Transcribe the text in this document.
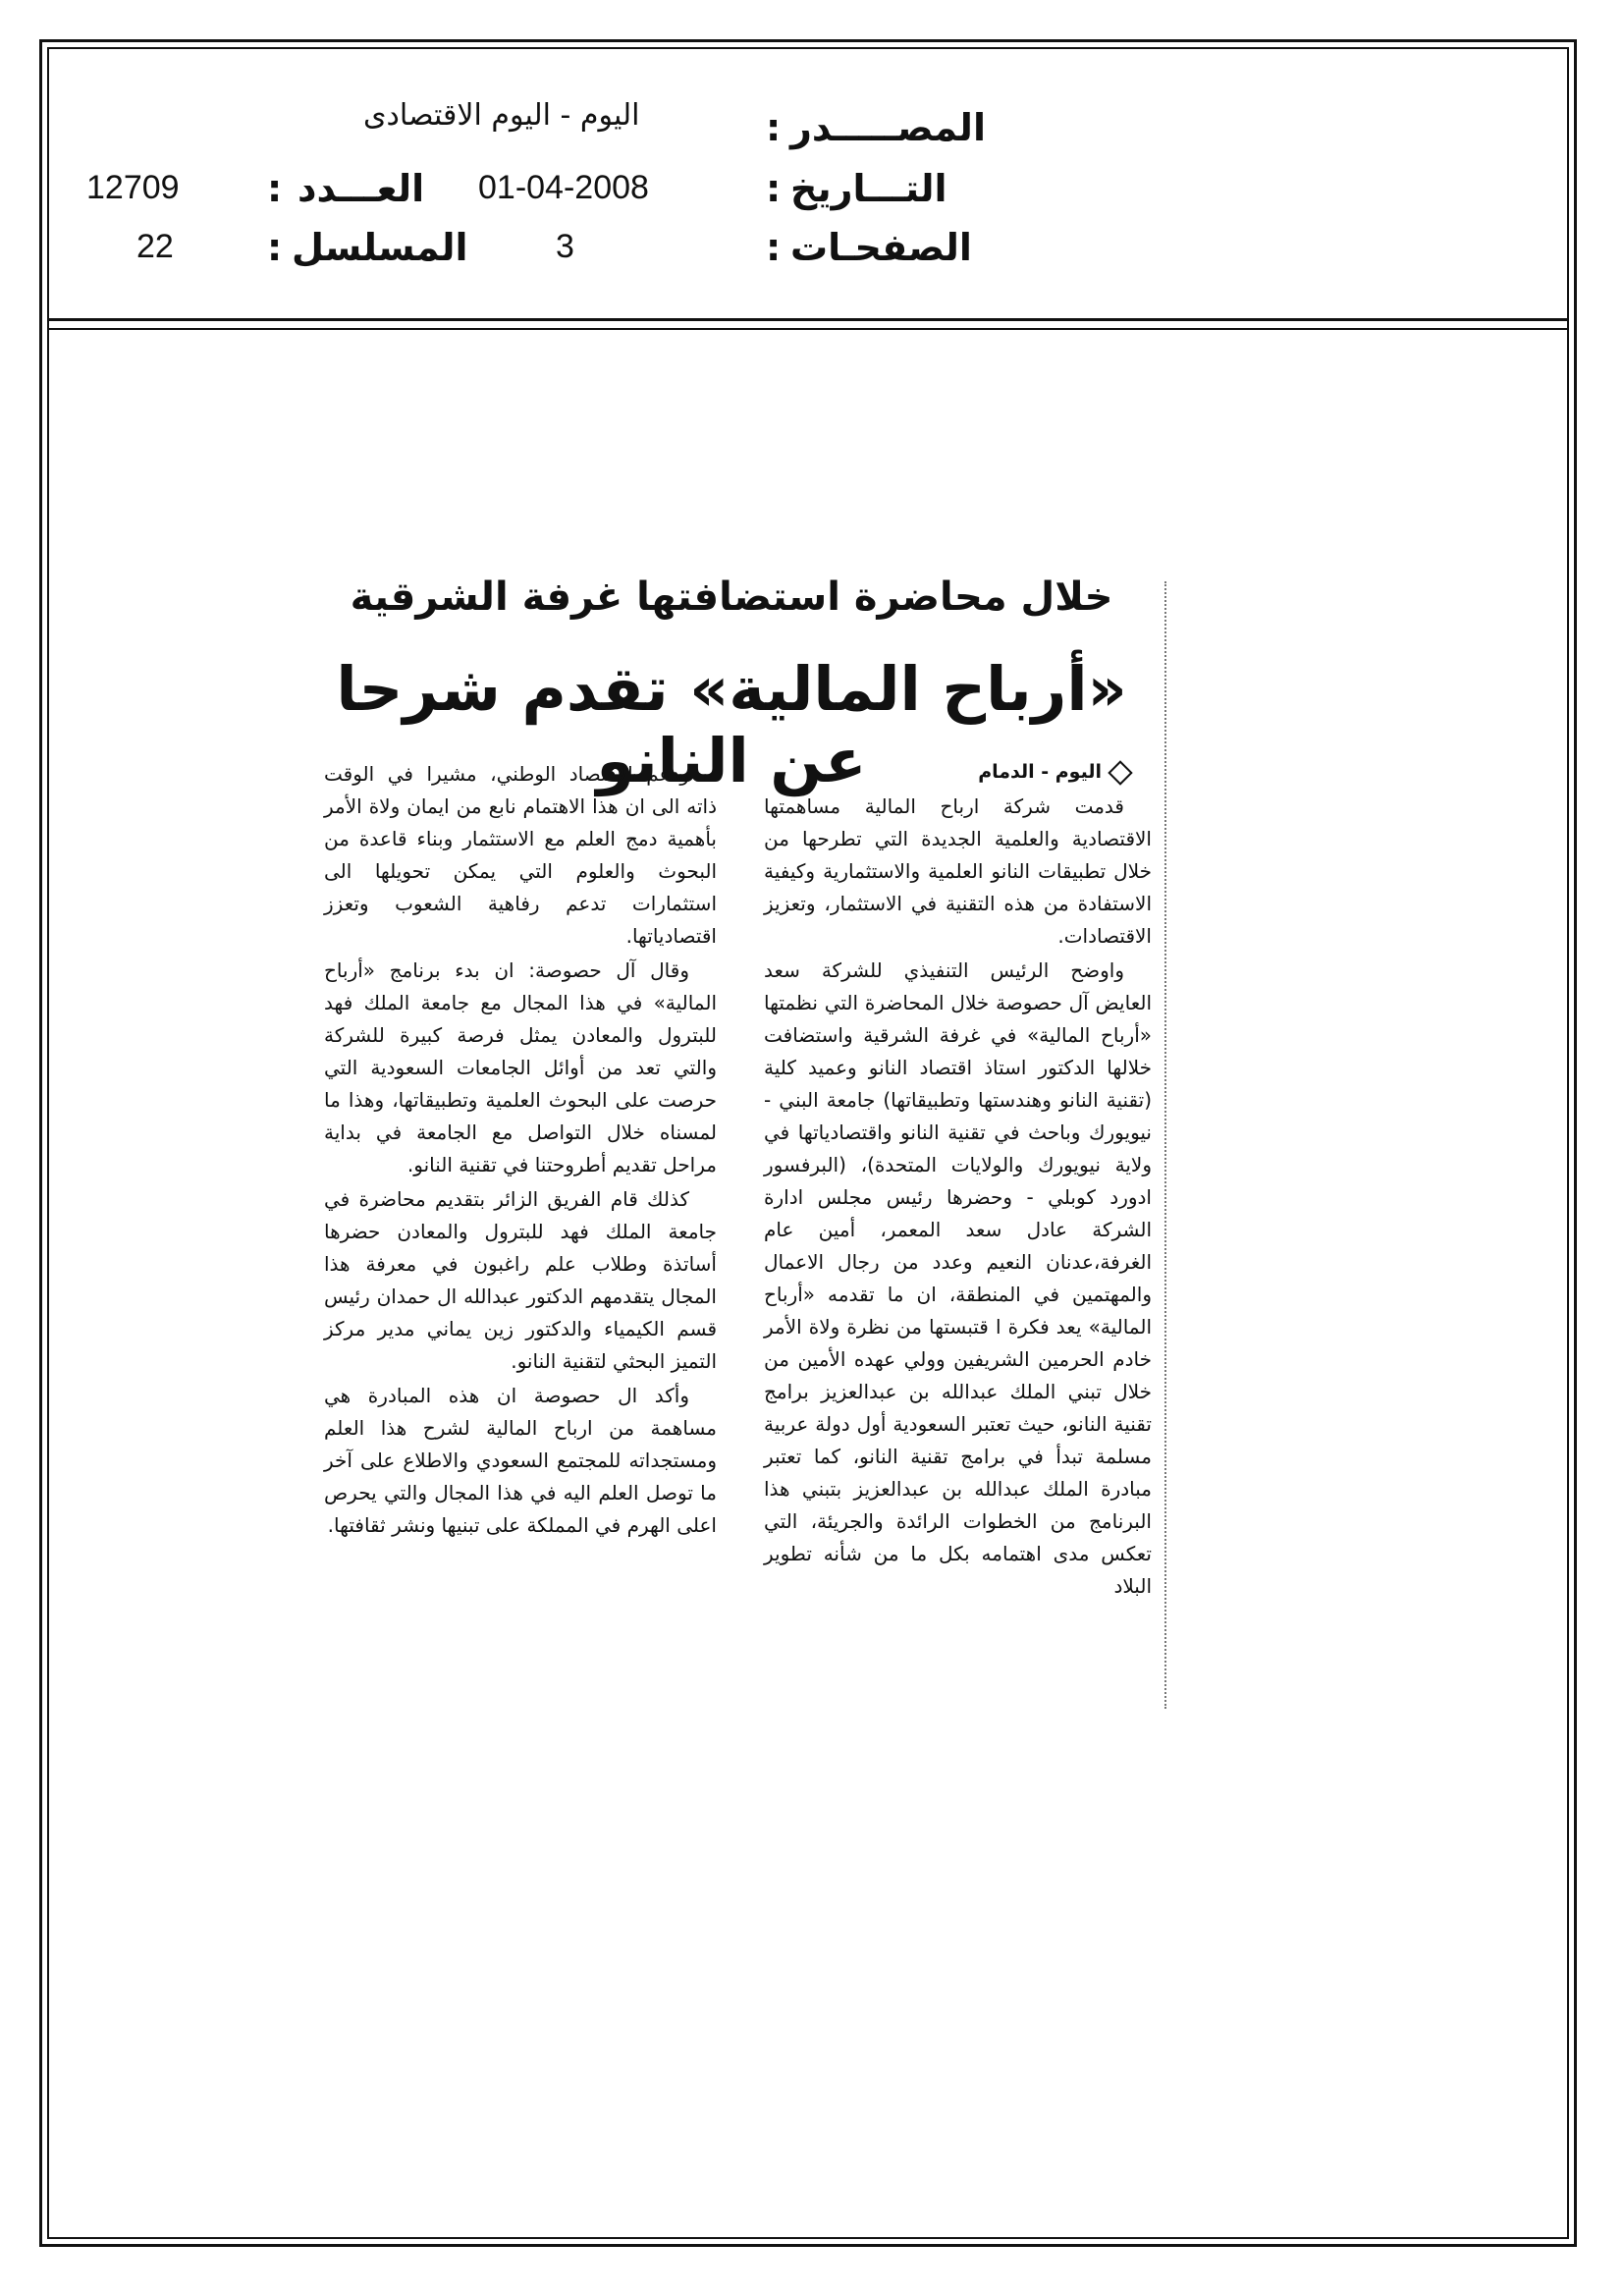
المصـــــدر
:
اليوم - اليوم الاقتصادى
التـــاريخ
:
01-04-2008
العـــدد
:
12709
الصفحـات
:
3
المسلسل
:
22
خلال محاضرة استضافتها غرفة الشرقية
«أرباح المالية» تقدم شرحا عن النانو	اليوم - الدمام

قدمت شركة ارباح المالية مساهمتها الاقتصادية والعلمية الجديدة التي تطرحها من خلال تطبيقات النانو العلمية والاستثمارية وكيفية الاستفادة من هذه التقنية في الاستثمار، وتعزيز الاقتصادات.

واوضح الرئيس التنفيذي للشركة سعد العايض آل حصوصة خلال المحاضرة التي نظمتها «أرباح المالية» في غرفة الشرقية واستضافت خلالها الدكتور استاذ اقتصاد النانو وعميد كلية (تقنية النانو وهندستها وتطبيقاتها) جامعة البني - نيويورك وباحث في تقنية النانو واقتصادياتها في ولاية نيويورك والولايات المتحدة)، (البرفسور ادورد كوبلي - وحضرها رئيس مجلس ادارة الشركة عادل سعد المعمر، أمين عام الغرفة،عدنان النعيم وعدد من رجال الاعمال والمهتمين في المنطقة، ان ما تقدمه «أرباح المالية» يعد فكرة ا قتبستها من نظرة ولاة الأمر خادم الحرمين الشريفين وولي عهده الأمين من خلال تبني الملك عبدالله بن عبدالعزيز برامج تقنية النانو، حيث تعتبر السعودية أول دولة عربية مسلمة تبدأ في برامج تقنية النانو، كما تعتبر مبادرة الملك عبدالله بن عبدالعزيز بتبني هذا البرنامج من الخطوات الرائدة والجريئة، التي تعكس مدى اهتمامه بكل ما من شأنه تطوير البلاد

ودعم الاقتصاد الوطني، مشيرا في الوقت ذاته الى ان هذا الاهتمام نابع من ايمان ولاة الأمر بأهمية دمج العلم مع الاستثمار وبناء قاعدة من البحوث والعلوم التي يمكن تحويلها الى استثمارات تدعم رفاهية الشعوب وتعزز اقتصادياتها.

وقال آل حصوصة: ان بدء برنامج «أرباح المالية» في هذا المجال مع جامعة الملك فهد للبترول والمعادن يمثل فرصة كبيرة للشركة والتي تعد من أوائل الجامعات السعودية التي حرصت على البحوث العلمية وتطبيقاتها، وهذا ما لمسناه خلال التواصل مع الجامعة في بداية مراحل تقديم أطروحتنا في تقنية النانو.

كذلك قام الفريق الزائر بتقديم محاضرة في جامعة الملك فهد للبترول والمعادن حضرها أساتذة وطلاب علم راغبون في معرفة هذا المجال يتقدمهم الدكتور عبدالله ال حمدان رئيس قسم الكيمياء والدكتور زين يماني مدير مركز التميز البحثي لتقنية النانو.

وأكد ال حصوصة ان هذه المبادرة هي مساهمة من ارباح المالية لشرح هذا العلم ومستجداته للمجتمع السعودي والاطلاع على آخر ما توصل العلم اليه في هذا المجال والتي يحرص اعلى الهرم في المملكة على تبنيها ونشر ثقافتها.
